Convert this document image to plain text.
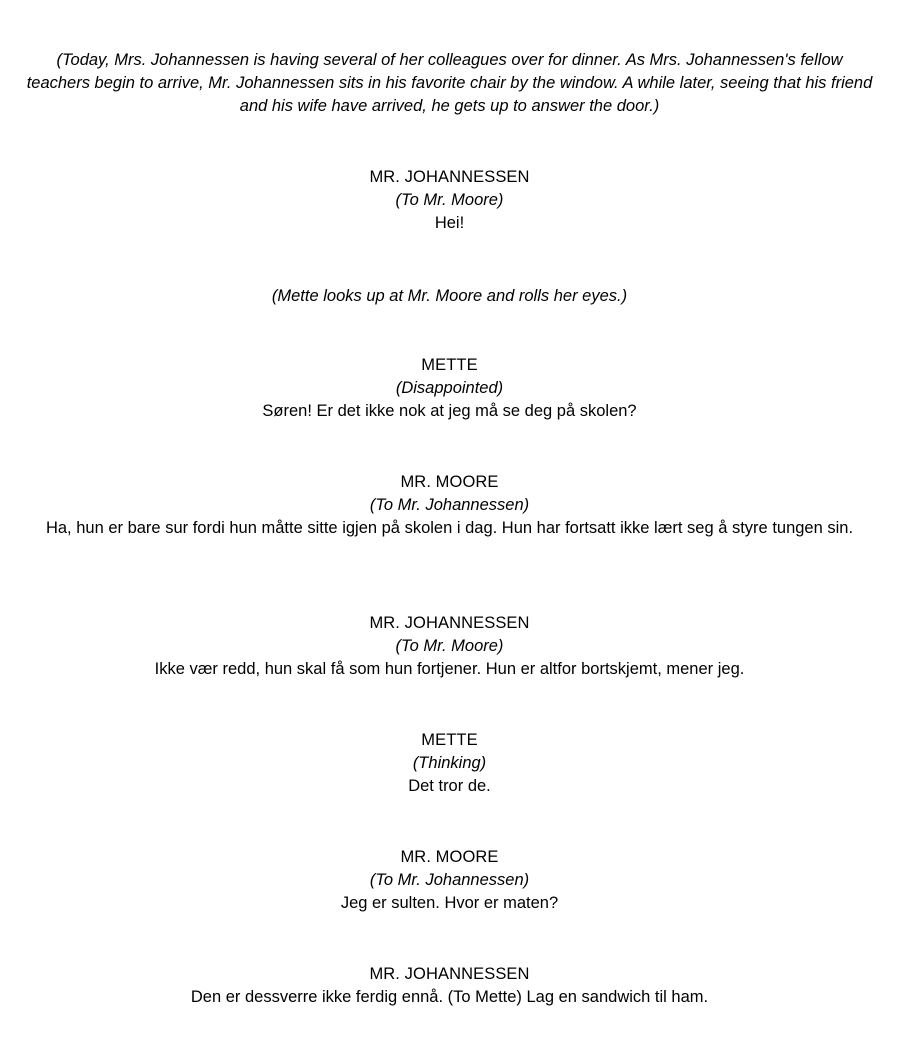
(Today, Mrs. Johannessen is having several of her colleagues over for dinner. As Mrs. Johannessen's fellow teachers begin to arrive, Mr. Johannessen sits in his favorite chair by the window. A while later, seeing that his friend and his wife have arrived, he gets up to answer the door.)
MR. JOHANNESSEN
(To Mr. Moore)
Hei!
(Mette looks up at Mr. Moore and rolls her eyes.)
METTE
(Disappointed)
Søren! Er det ikke nok at jeg må se deg på skolen?
MR. MOORE
(To Mr. Johannessen)
Ha, hun er bare sur fordi hun måtte sitte igjen på skolen i dag. Hun har fortsatt ikke lært seg å styre tungen sin.
MR. JOHANNESSEN
(To Mr. Moore)
Ikke vær redd, hun skal få som hun fortjener. Hun er altfor bortskjemt, mener jeg.
METTE
(Thinking)
Det tror de.
MR. MOORE
(To Mr. Johannessen)
Jeg er sulten. Hvor er maten?
MR. JOHANNESSEN
Den er dessverre ikke ferdig ennå. (To Mette) Lag en sandwich til ham.
